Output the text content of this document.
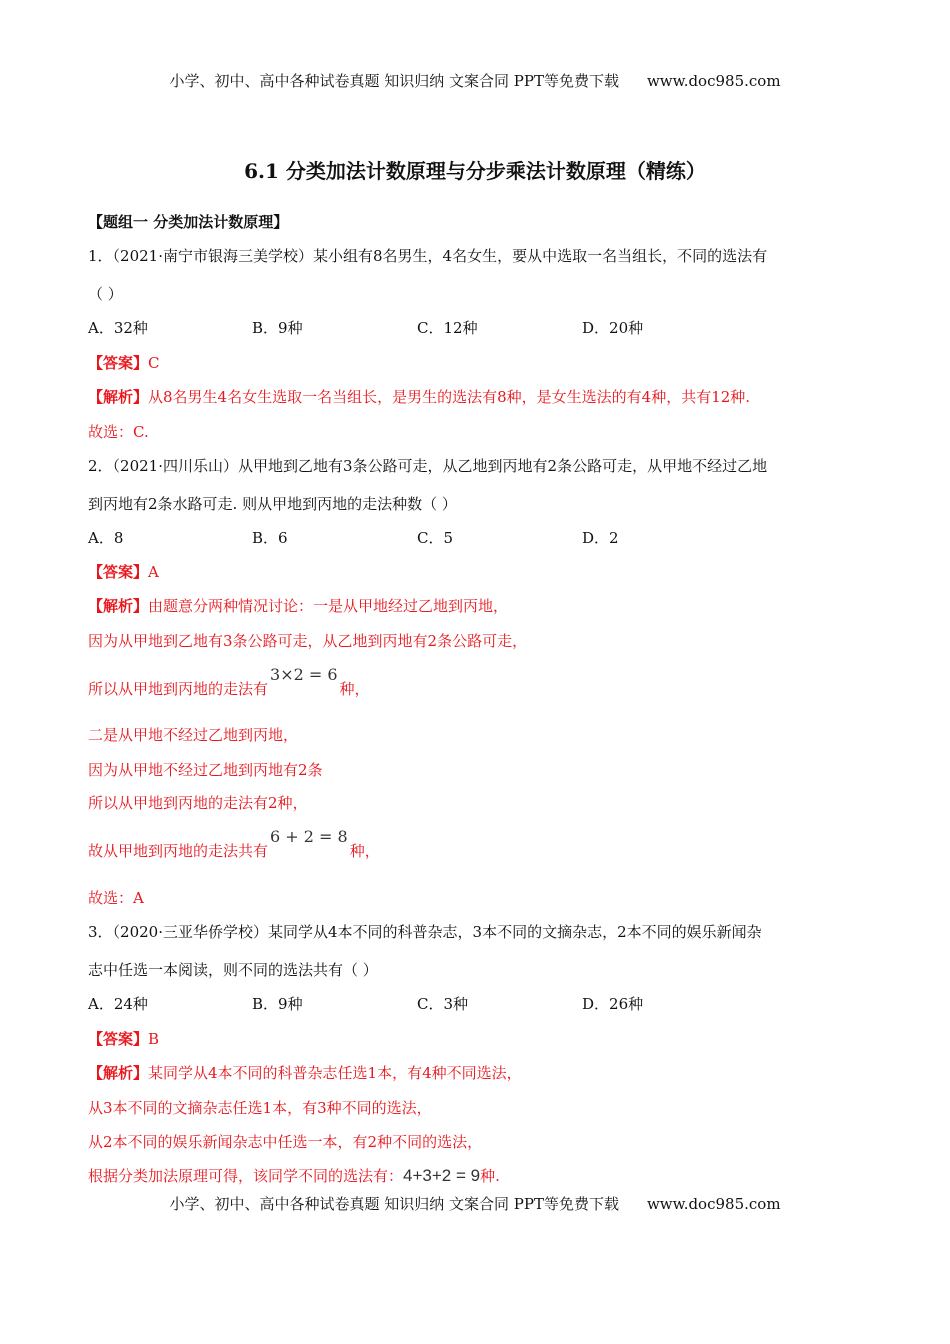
小学、初中、高中各种试卷真题 知识归纳 文案合同 PPT等免费下载 www.doc985.com
6.1 分类加法计数原理与分步乘法计数原理（精练）
【题组一 分类加法计数原理】
1．（2021·南宁市银海三美学校）某小组有8名男生，4名女生，要从中选取一名当组长，不同的选法有
（ ）
A．32种	B．9种	C．12种	D．20种
【答案】C
【解析】从8名男生4名女生选取一名当组长，是男生的选法有8种，是女生选法的有4种，共有12种.
故选：C.
2．（2021·四川乐山）从甲地到乙地有3条公路可走，从乙地到丙地有2条公路可走，从甲地不经过乙地
到丙地有2条水路可走. 则从甲地到丙地的走法种数（ ）
A．8	B．6	C．5	D．2
【答案】A
【解析】由题意分两种情况讨论：一是从甲地经过乙地到丙地，
因为从甲地到乙地有3条公路可走，从乙地到丙地有2条公路可走，
所以从甲地到丙地的走法有3×2 = 6种，
二是从甲地不经过乙地到丙地，
因为从甲地不经过乙地到丙地有2条
所以从甲地到丙地的走法有2种，
故从甲地到丙地的走法共有6 + 2 = 8种，
故选：A
3．（2020·三亚华侨学校）某同学从4本不同的科普杂志，3本不同的文摘杂志，2本不同的娱乐新闻杂
志中任选一本阅读，则不同的选法共有（ ）
A．24种	B．9种	C．3种	D．26种
【答案】B
【解析】某同学从4本不同的科普杂志任选1本，有4种不同选法，
从3本不同的文摘杂志任选1本，有3种不同的选法，
从2本不同的娱乐新闻杂志中任选一本，有2种不同的选法，
根据分类加法原理可得，该同学不同的选法有：4+3+2 = 9种.
小学、初中、高中各种试卷真题 知识归纳 文案合同 PPT等免费下载 www.doc985.com
